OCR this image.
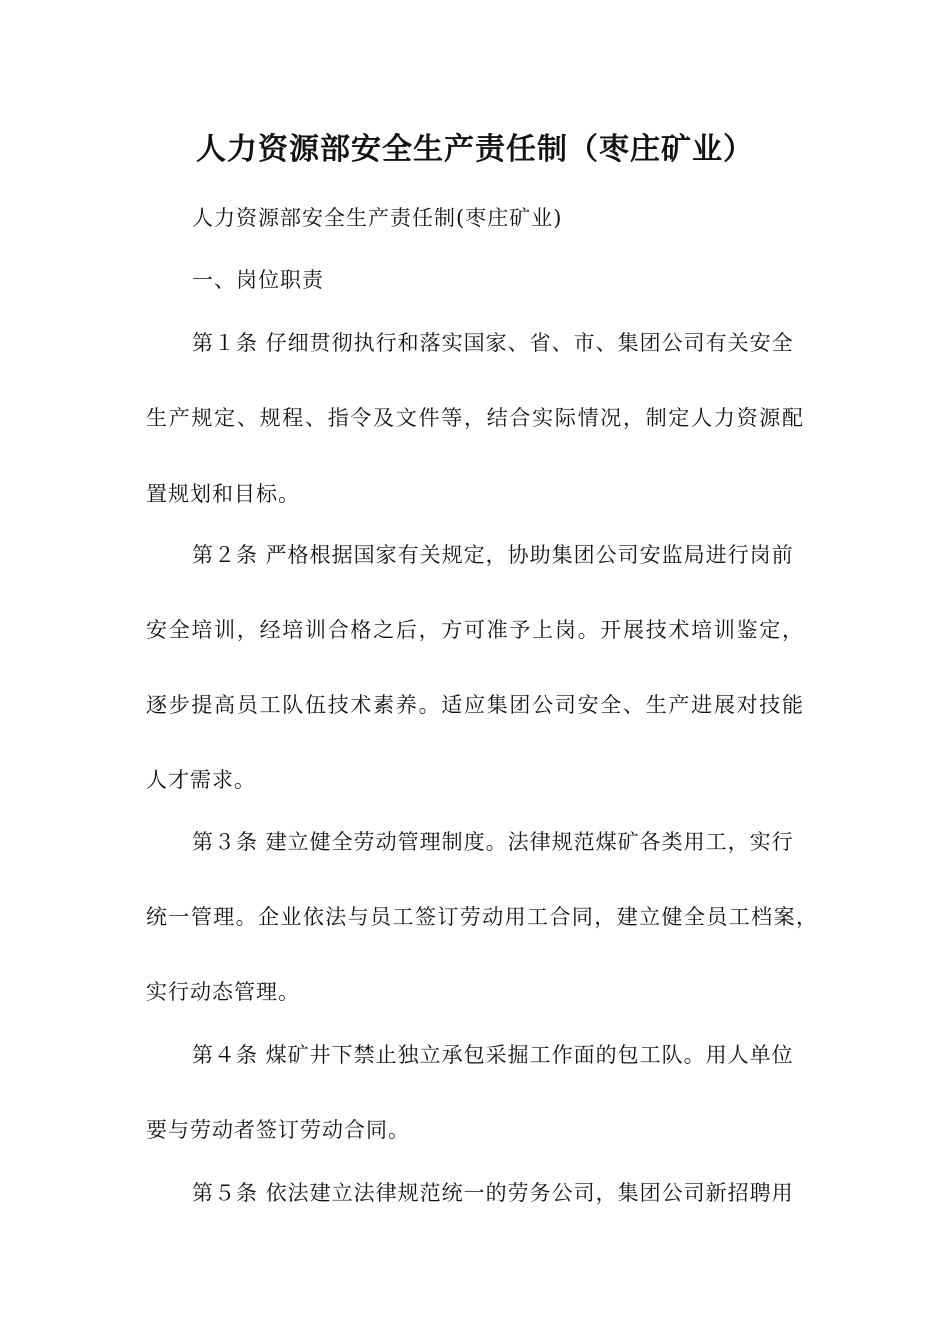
人力资源部安全生产责任制（枣庄矿业）

人力资源部安全生产责任制(枣庄矿业)

一、岗位职责

第１条 仔细贯彻执行和落实国家、省、市、集团公司有关安全

生产规定、规程、指令及文件等，结合实际情况，制定人力资源配

置规划和目标。

第２条 严格根据国家有关规定，协助集团公司安监局进行岗前

安全培训，经培训合格之后，方可准予上岗。开展技术培训鉴定，

逐步提高员工队伍技术素养。适应集团公司安全、生产进展对技能

人才需求。

第３条 建立健全劳动管理制度。法律规范煤矿各类用工，实行

统一管理。企业依法与员工签订劳动用工合同，建立健全员工档案，

实行动态管理。

第４条 煤矿井下禁止独立承包采掘工作面的包工队。用人单位

要与劳动者签订劳动合同。

第５条 依法建立法律规范统一的劳务公司，集团公司新招聘用
